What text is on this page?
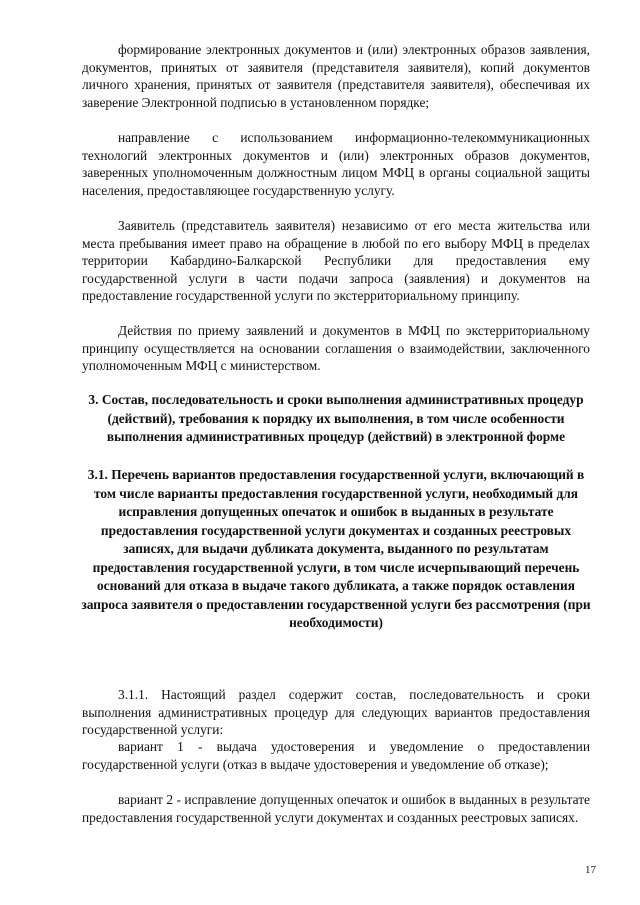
формирование электронных документов и (или) электронных образов заявления, документов, принятых от заявителя (представителя заявителя), копий документов личного хранения, принятых от заявителя (представителя заявителя), обеспечивая их заверение Электронной подписью в установленном порядке;

направление с использованием информационно-телекоммуникационных технологий электронных документов и (или) электронных образов документов, заверенных уполномоченным должностным лицом МФЦ в органы социальной защиты населения, предоставляющее государственную услугу.

Заявитель (представитель заявителя) независимо от его места жительства или места пребывания имеет право на обращение в любой по его выбору МФЦ в пределах территории Кабардино-Балкарской Республики для предоставления ему государственной услуги в части подачи запроса (заявления) и документов на предоставление государственной услуги по экстерриториальному принципу.

Действия по приему заявлений и документов в МФЦ по экстерриториальному принципу осуществляется на основании соглашения о взаимодействии, заключенного уполномоченным МФЦ с министерством.

3. Состав, последовательность и сроки выполнения административных процедур (действий), требования к порядку их выполнения, в том числе особенности выполнения административных процедур (действий) в электронной форме

3.1. Перечень вариантов предоставления государственной услуги, включающий в том числе варианты предоставления государственной услуги, необходимый для исправления допущенных опечаток и ошибок в выданных в результате предоставления государственной услуги документах и созданных реестровых записях, для выдачи дубликата документа, выданного по результатам предоставления государственной услуги, в том числе исчерпывающий перечень оснований для отказа в выдаче такого дубликата, а также порядок оставления запроса заявителя о предоставлении государственной услуги без рассмотрения (при необходимости)

3.1.1. Настоящий раздел содержит состав, последовательность и сроки выполнения административных процедур для следующих вариантов предоставления государственной услуги:

вариант 1 - выдача удостоверения и уведомление о предоставлении государственной услуги (отказ в выдаче удостоверения и уведомление об отказе);

вариант 2 - исправление допущенных опечаток и ошибок в выданных в результате предоставления государственной услуги документах и созданных реестровых записях.

17
